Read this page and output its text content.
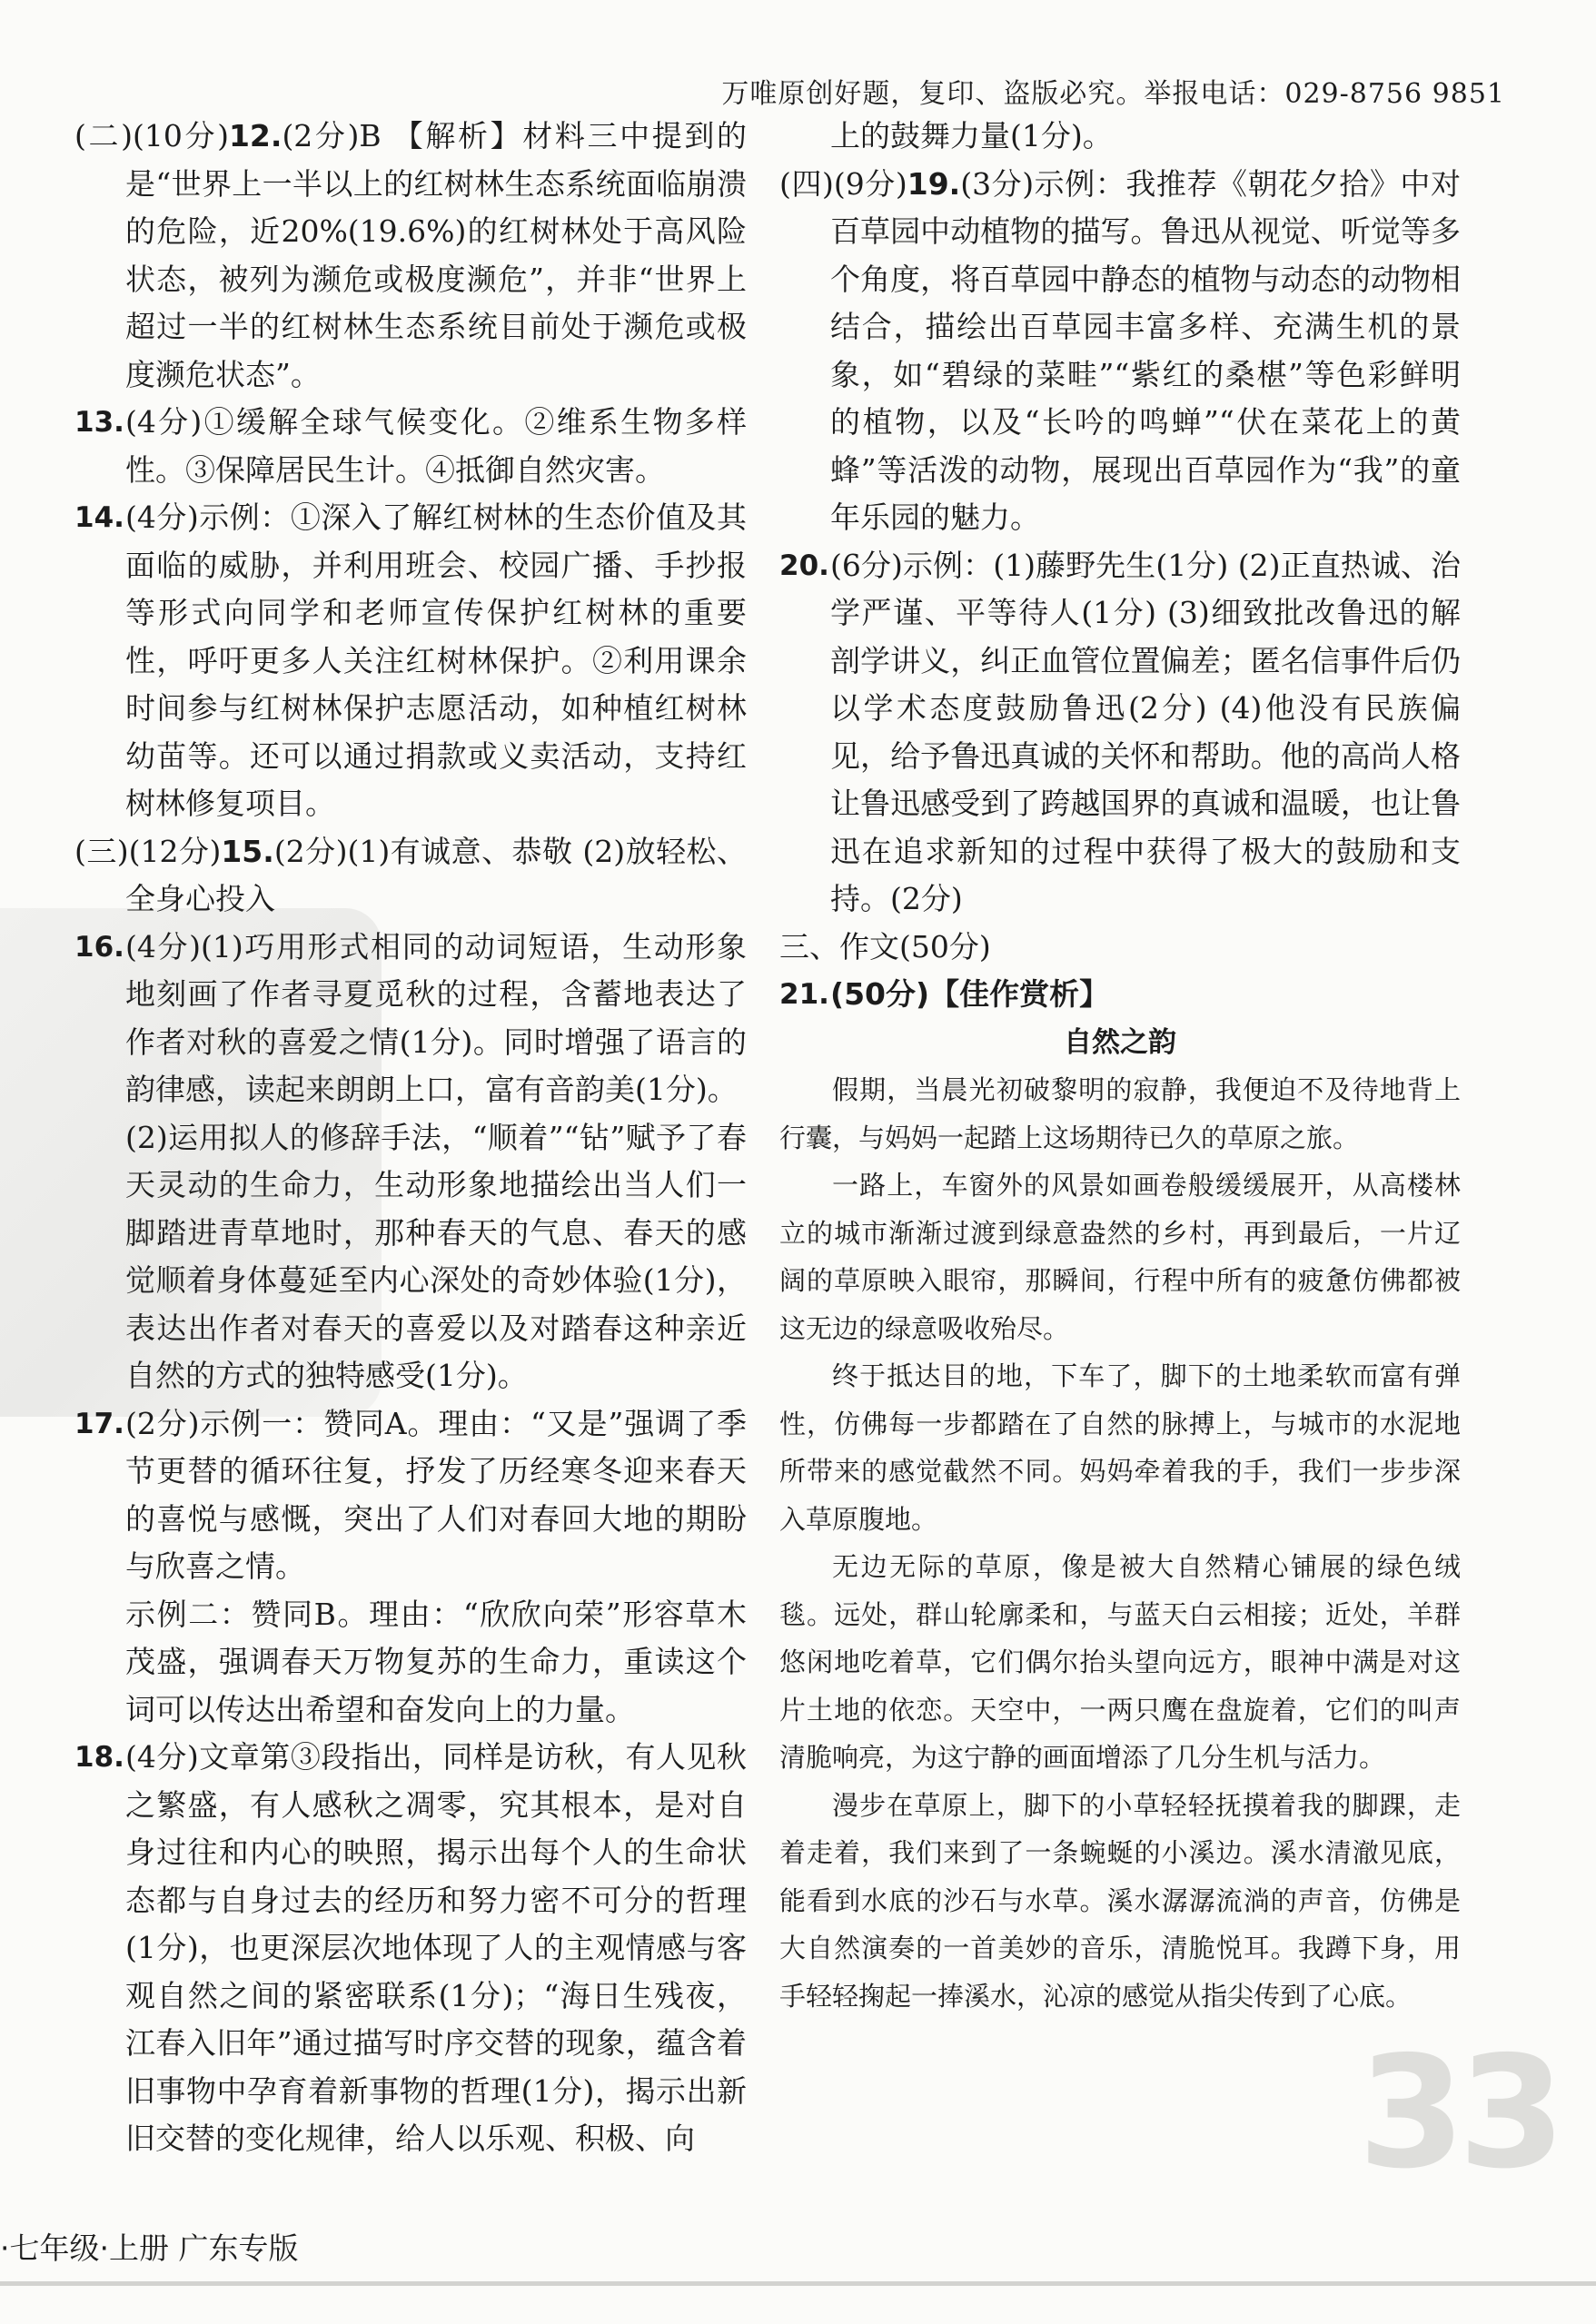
万唯原创好题，复印、盗版必究。举报电话：029-8756 9851
(二)(10分)12.(2分)B 【解析】材料三中提到的是“世界上一半以上的红树林生态系统面临崩溃的危险，近20%(19.6%)的红树林处于高风险状态，被列为濒危或极度濒危”，并非“世界上超过一半的红树林生态系统目前处于濒危或极度濒危状态”。
13. (4分)①缓解全球气候变化。②维系生物多样性。③保障居民生计。④抵御自然灾害。
14. (4分)示例：①深入了解红树林的生态价值及其面临的威胁，并利用班会、校园广播、手抄报等形式向同学和老师宣传保护红树林的重要性，呼吁更多人关注红树林保护。②利用课余时间参与红树林保护志愿活动，如种植红树林幼苗等。还可以通过捐款或义卖活动，支持红树林修复项目。
(三)(12分)15.(2分)(1)有诚意、恭敬 (2)放轻松、全身心投入
16. (4分)(1)巧用形式相同的动词短语，生动形象地刻画了作者寻夏觅秋的过程，含蓄地表达了作者对秋的喜爱之情(1分)。同时增强了语言的韵律感，读起来朗朗上口，富有音韵美(1分)。
(2)运用拟人的修辞手法，“顺着”“钻”赋予了春天灵动的生命力，生动形象地描绘出当人们一脚踏进青草地时，那种春天的气息、春天的感觉顺着身体蔓延至内心深处的奇妙体验(1分)，表达出作者对春天的喜爱以及对踏春这种亲近自然的方式的独特感受(1分)。
17. (2分)示例一：赞同A。理由：“又是”强调了季节更替的循环往复，抒发了历经寒冬迎来春天的喜悦与感慨，突出了人们对春回大地的期盼与欣喜之情。
示例二：赞同B。理由：“欣欣向荣”形容草木茂盛，强调春天万物复苏的生命力，重读这个词可以传达出希望和奋发向上的力量。
18. (4分)文章第③段指出，同样是访秋，有人见秋之繁盛，有人感秋之凋零，究其根本，是对自身过往和内心的映照，揭示出每个人的生命状态都与自身过去的经历和努力密不可分的哲理(1分)，也更深层次地体现了人的主观情感与客观自然之间的紧密联系(1分)；“海日生残夜，江春入旧年”通过描写时序交替的现象，蕴含着旧事物中孕育着新事物的哲理(1分)，揭示出新旧交替的变化规律，给人以乐观、积极、向
上的鼓舞力量(1分)。
(四)(9分)19.(3分)示例：我推荐《朝花夕拾》中对百草园中动植物的描写。鲁迅从视觉、听觉等多个角度，将百草园中静态的植物与动态的动物相结合，描绘出百草园丰富多样、充满生机的景象，如“碧绿的菜畦”“紫红的桑椹”等色彩鲜明的植物，以及“长吟的鸣蝉”“伏在菜花上的黄蜂”等活泼的动物，展现出百草园作为“我”的童年乐园的魅力。
20. (6分)示例：(1)藤野先生(1分) (2)正直热诚、治学严谨、平等待人(1分) (3)细致批改鲁迅的解剖学讲义，纠正血管位置偏差；匿名信事件后仍以学术态度鼓励鲁迅(2分) (4)他没有民族偏见，给予鲁迅真诚的关怀和帮助。他的高尚人格让鲁迅感受到了跨越国界的真诚和温暖，也让鲁迅在追求新知的过程中获得了极大的鼓励和支持。(2分)
三、作文(50分)
21. (50分)【佳作赏析】

自然之韵

假期，当晨光初破黎明的寂静，我便迫不及待地背上行囊，与妈妈一起踏上这场期待已久的草原之旅。

一路上，车窗外的风景如画卷般缓缓展开，从高楼林立的城市渐渐过渡到绿意盎然的乡村，再到最后，一片辽阔的草原映入眼帘，那瞬间，行程中所有的疲惫仿佛都被这无边的绿意吸收殆尽。

终于抵达目的地，下车了，脚下的土地柔软而富有弹性，仿佛每一步都踏在了自然的脉搏上，与城市的水泥地所带来的感觉截然不同。妈妈牵着我的手，我们一步步深入草原腹地。

无边无际的草原，像是被大自然精心铺展的绿色绒毯。远处，群山轮廓柔和，与蓝天白云相接；近处，羊群悠闲地吃着草，它们偶尔抬头望向远方，眼神中满是对这片土地的依恋。天空中，一两只鹰在盘旋着，它们的叫声清脆响亮，为这宁静的画面增添了几分生机与活力。

漫步在草原上，脚下的小草轻轻抚摸着我的脚踝，走着走着，我们来到了一条蜿蜒的小溪边。溪水清澈见底，能看到水底的沙石与水草。溪水潺潺流淌的声音，仿佛是大自然演奏的一首美妙的音乐，清脆悦耳。我蹲下身，用手轻轻掬起一捧溪水，沁凉的感觉从指尖传到了心底。

33
·七年级·上册 广东专版
